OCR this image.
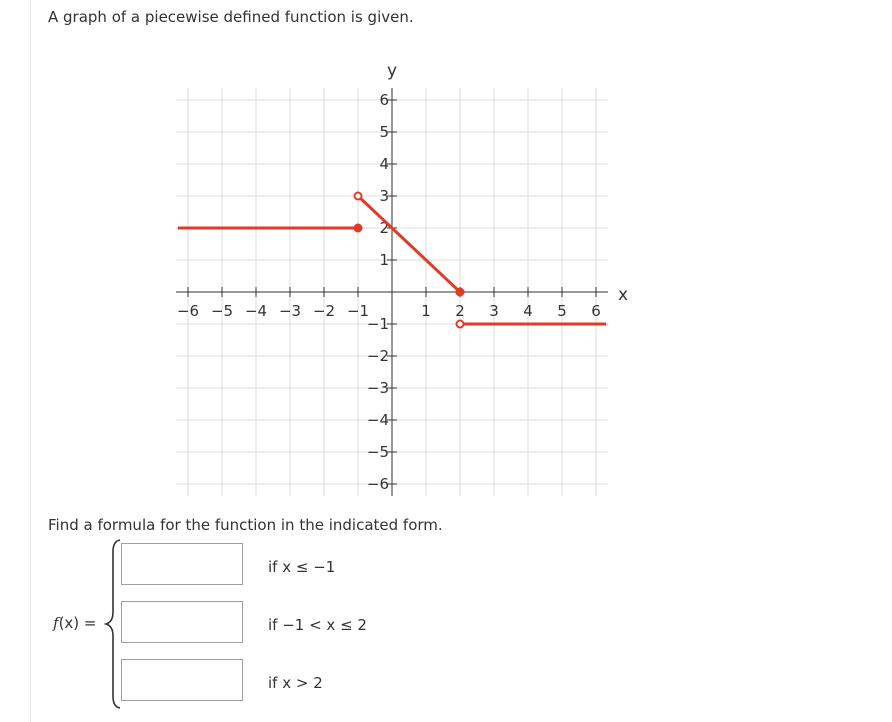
A graph of a piecewise defined function is given.
−6 −5 −4 −3 −2 −1	1 2 3 4 5 6
6
5
4
3
2
1
−1
−2
−3
−4
−5
−6
x
y
Find a formula for the function in the indicated form.
f(x) =
if x ≤ −1
if −1 < x ≤ 2
if x > 2
